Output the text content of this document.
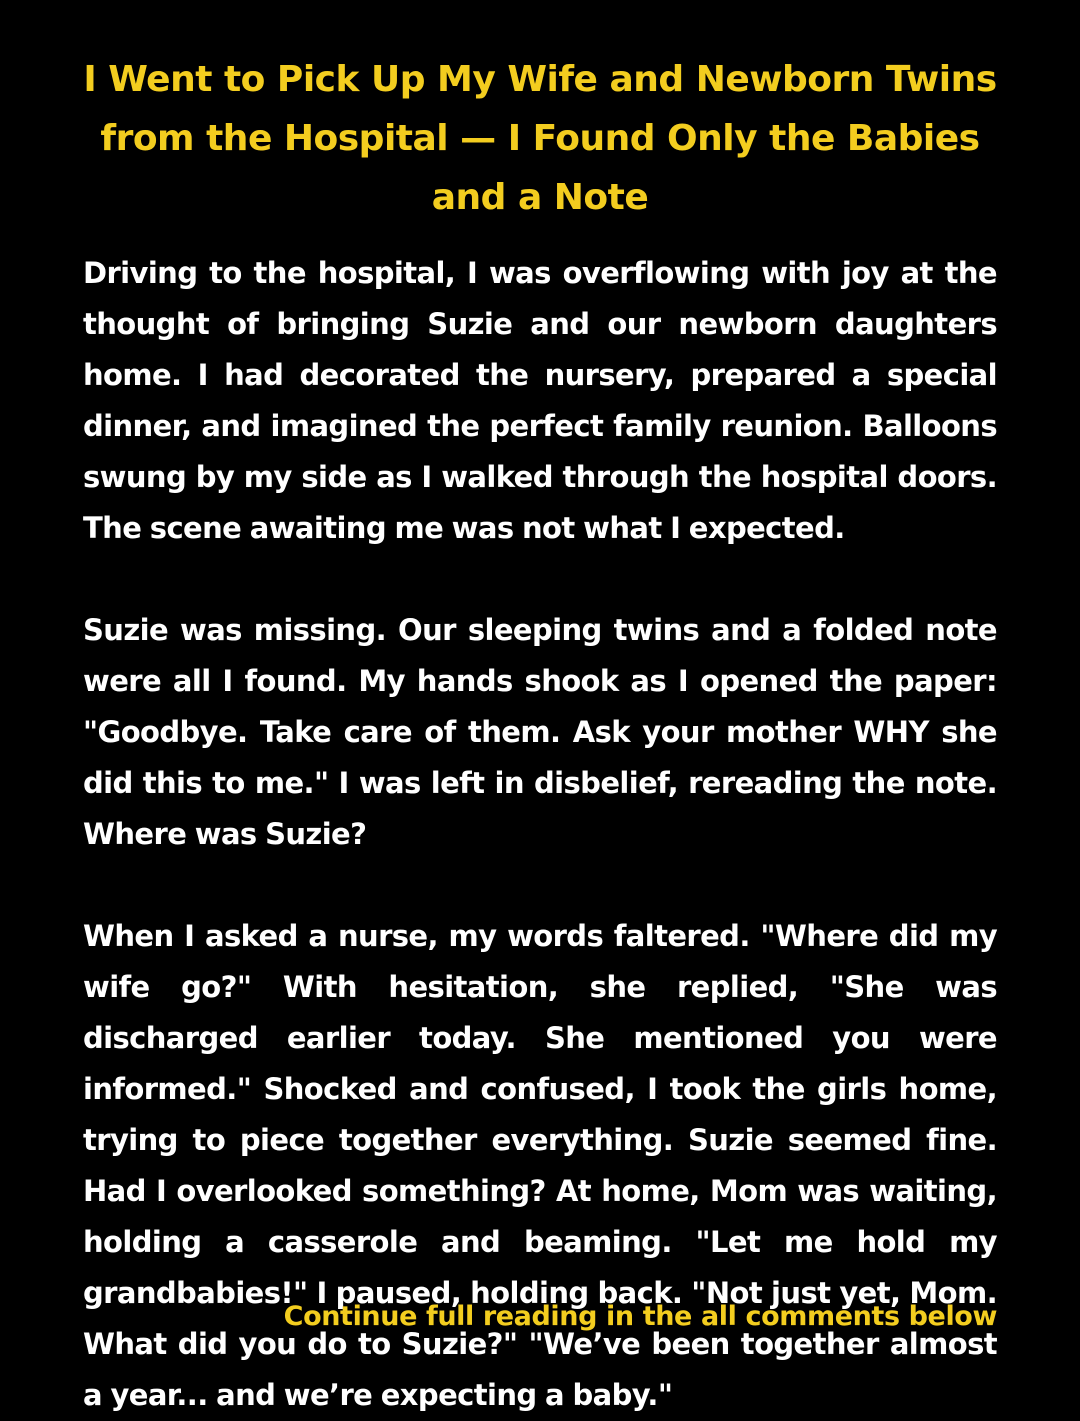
I Went to Pick Up My Wife and Newborn Twins from the Hospital — I Found Only the Babies and a Note

Driving to the hospital, I was overflowing with joy at the thought of bringing Suzie and our newborn daughters home. I had decorated the nursery, prepared a special dinner, and imagined the perfect family reunion. Balloons swung by my side as I walked through the hospital doors. The scene awaiting me was not what I expected.

Suzie was missing. Our sleeping twins and a folded note were all I found. My hands shook as I opened the paper: "Goodbye. Take care of them. Ask your mother WHY she did this to me." I was left in disbelief, rereading the note. Where was Suzie?

When I asked a nurse, my words faltered. "Where did my wife go?" With hesitation, she replied, "She was discharged earlier today. She mentioned you were informed." Shocked and confused, I took the girls home, trying to piece together everything. Suzie seemed fine. Had I overlooked something? At home, Mom was waiting, holding a casserole and beaming. "Let me hold my grandbabies!" I paused, holding back. "Not just yet, Mom. What did you do to Suzie?" "We’ve been together almost a year... and we’re expecting a baby."

Continue full reading in the all comments below
